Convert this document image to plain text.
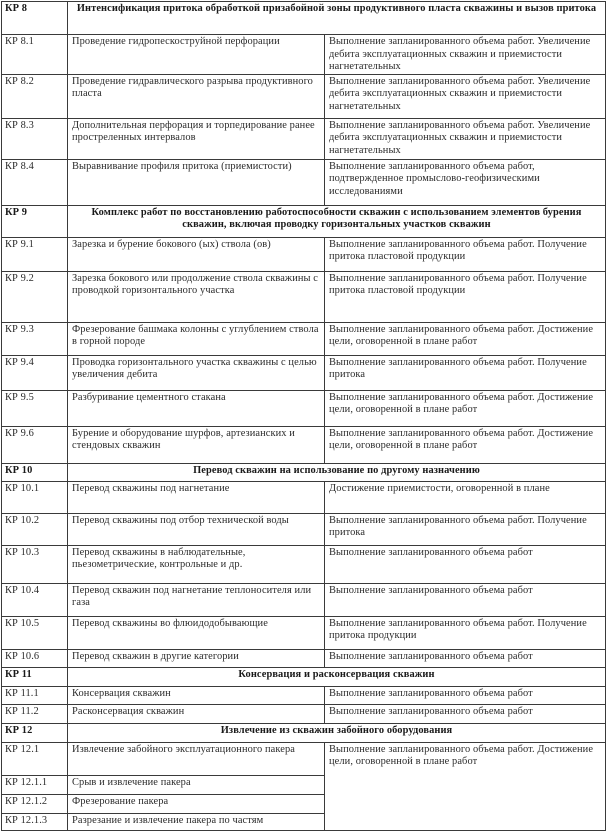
КР 8	Интенсификация притока обработкой призабойной зоны продуктивного пласта скважины и вызов притока	
КР 8.1	Проведение гидропескоструйной перфорации	Выполнение запланированного объема работ. Увеличение дебита эксплуатационных скважин и приемистости нагнетательных
КР 8.2	Проведение гидравлического разрыва продуктивного пласта	Выполнение запланированного объема работ. Увеличение дебита эксплуатационных скважин и приемистости нагнетательных
КР 8.3	Дополнительная перфорация и торпедирование ранее простреленных интервалов	Выполнение запланированного объема работ. Увеличение дебита эксплуатационных скважин и приемистости нагнетательных
КР 8.4	Выравнивание профиля притока (приемистости)	Выполнение запланированного объема работ, подтвержденное промыслово-геофизическими исследованиями
КР 9	Комплекс работ по восстановлению работоспособности скважин с использованием элементов бурения скважин, включая проводку горизонтальных участков скважин	
КР 9.1	Зарезка и бурение бокового (ых) ствола (ов)	Выполнение запланированного объема работ. Получение притока пластовой продукции
КР 9.2	Зарезка бокового или продолжение ствола скважины с проводкой горизонтального участка	Выполнение запланированного объема работ. Получение притока пластовой продукции
КР 9.3	Фрезерование башмака колонны с углублением ствола в горной породе	Выполнение запланированного объема работ. Достижение цели, оговоренной в плане работ
КР 9.4	Проводка горизонтального участка скважины с целью увеличения дебита	Выполнение запланированного объема работ. Получение притока
КР 9.5	Разбуривание цементного стакана	Выполнение запланированного объема работ. Достижение цели, оговоренной в плане работ
КР 9.6	Бурение и оборудование шурфов, артезианских и стендовых скважин	Выполнение запланированного объема работ. Достижение цели, оговоренной в плане работ
КР 10	Перевод скважин на использование по другому назначению	
КР 10.1	Перевод скважины под нагнетание	Достижение приемистости, оговоренной в плане
КР 10.2	Перевод скважины под отбор технической воды	Выполнение запланированного объема работ. Получение притока
КР 10.3	Перевод скважины в наблюдательные, пьезометрические, контрольные и др.	Выполнение запланированного объема работ
КР 10.4	Перевод скважин под нагнетание теплоносителя или газа	Выполнение запланированного объема работ
КР 10.5	Перевод скважины во флюидодобывающие	Выполнение запланированного объема работ. Получение притока продукции
КР 10.6	Перевод скважин в другие категории	Выполнение запланированного объема работ
КР 11	Консервация и расконсервация скважин	
КР 11.1	Консервация скважин	Выполнение запланированного объема работ
КР 11.2	Расконсервация скважин	Выполнение запланированного объема работ
КР 12	Извлечение из скважин забойного оборудования	
КР 12.1	Извлечение забойного эксплуатационного пакера	Выполнение запланированного объема работ. Достижение цели, оговоренной в плане работ
КР 12.1.1	Срыв и извлечение пакера	
КР 12.1.2	Фрезерование пакера	
КР 12.1.3	Разрезание и извлечение пакера по частям	
